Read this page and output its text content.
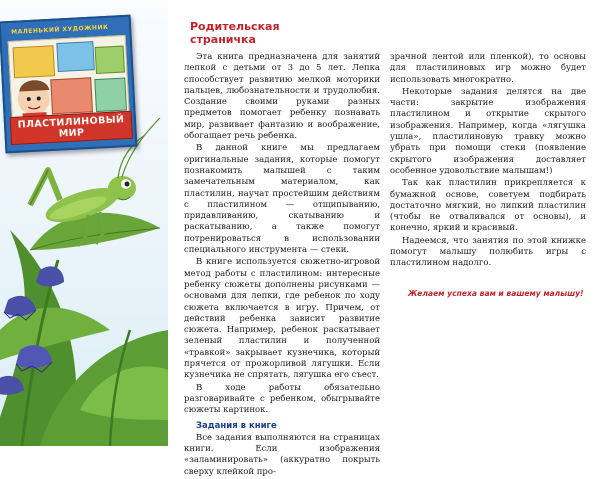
МАЛЕНЬКИЙ ХУДОЖНИК
ПЛАСТИЛИНОВЫЙ МИР
Родительская
страничка

Эта книга предназначена для занятий лепкой с детьми от 3 до 5 лет. Лепка способствует развитию мелкой моторики пальцев, любознательности и трудолюбия. Создание своими руками разных предметов помогает ребенку познавать мир, развивает фантазию и воображение, обогащает речь ребенка.

В данной книге мы предлагаем оригинальные задания, которые помогут познакомить малышей с таким замечательным материалом, как пластилин, научат простейшим действиям с пластилином — отщипыванию, придавливанию, скатыванию и раскатыванию, а также помогут потренироваться в использовании специального инструмента — стеки.

В книге используется сюжетно-игровой метод работы с пластилином: интересные ребенку сюжеты дополнены рисунками — основами для лепки, где ребенок по ходу сюжета включается в игру. Причем, от действий ребенка зависит развитие сюжета. Например, ребенок раскатывает зеленый пластилин и полученной «травкой» закрывает кузнечика, который прячется от прожорливой лягушки. Если кузнечика не спрятать, лягушка его съест.

В ходе работы обязательно разговаривайте с ребенком, обыгрывайте сюжеты картинок.

Задания в книге

Все задания выполняются на страницах книги. Если изображения «заламинировать» (аккуратно покрыть сверху клейкой про-

зрачной лентой или пленкой), то основы для пластилиновых игр можно будет использовать многократно.

Некоторые задания делятся на две части: закрытие изображения пластилином и открытие скрытого изображения. Например, когда «лягушка ушла», пластилиновую травку можно убрать при помощи стеки (появление скрытого изображения доставляет особенное удовольствие малышам!)

Так как пластилин прикрепляется к бумажной основе, советуем подбирать достаточно мягкий, но липкий пластилин (чтобы не отваливался от основы), и конечно, яркий и красивый.

Надеемся, что занятия по этой книжке помогут малышу полюбить игры с пластилином надолго.

Желаем успеха вам и вашему малышу!
